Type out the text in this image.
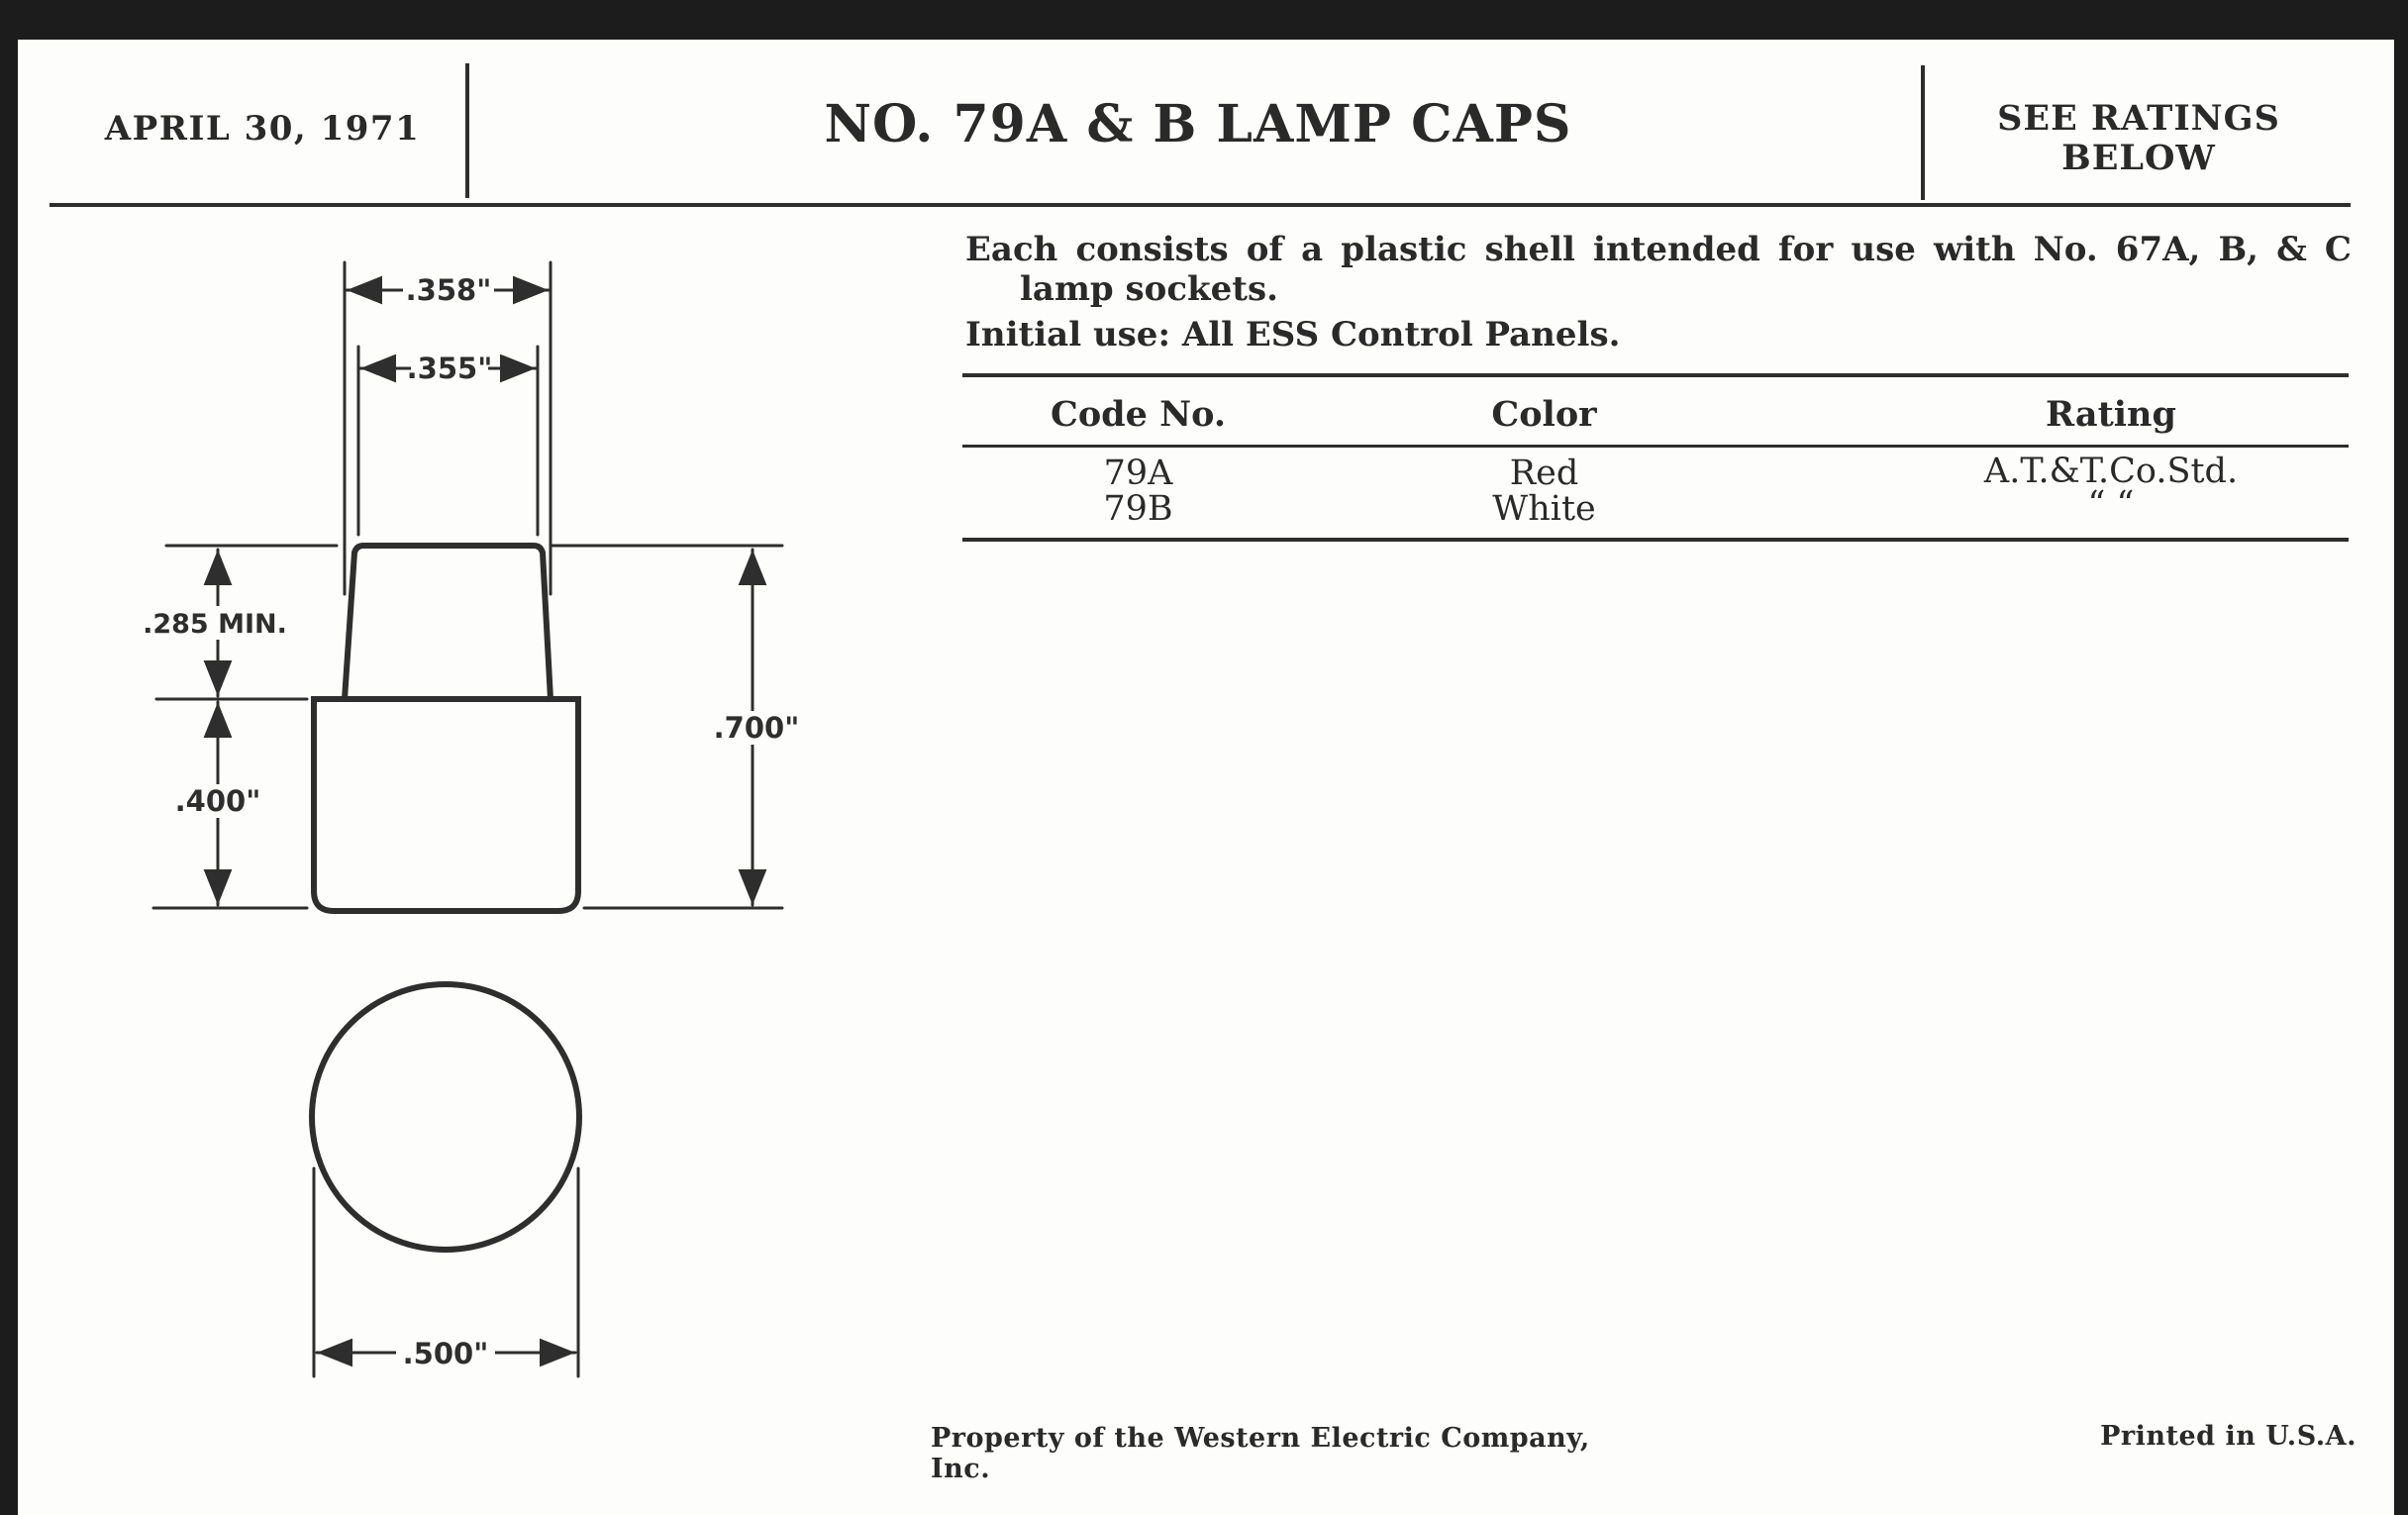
APRIL 30, 1971	NO. 79A & B LAMP CAPS	SEE RATINGS
BELOW

Each consists of a plastic shell intended for use with No. 67A, B, & C lamp sockets.

Initial use: All ESS Control Panels.

Code No.	Color	Rating
79A	Red	A.T.&T.Co.Std.
79B	White	“ “
.358"
.355"
.285 MIN.
.400"
.700"
.500"
Property of the Western Electric Company, Inc.
Printed in U.S.A.
